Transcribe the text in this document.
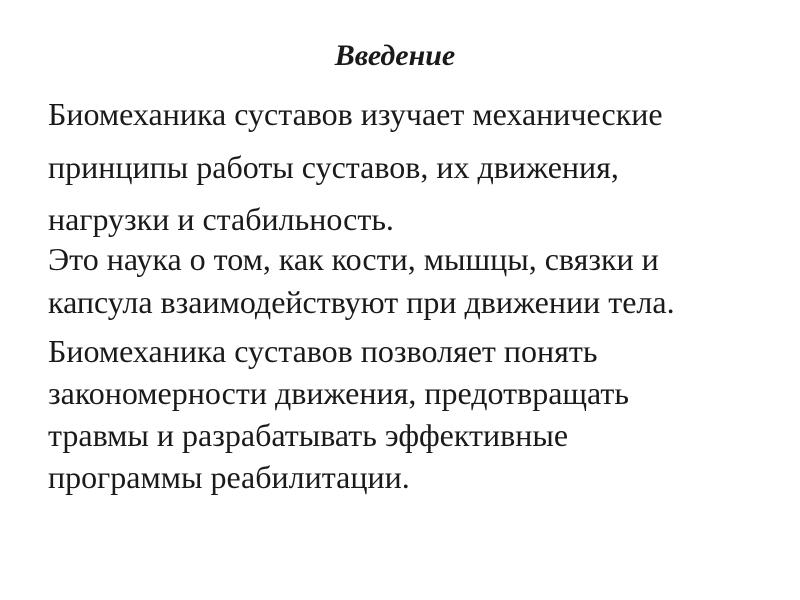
Введение

Биомеханика суставов изучает механические
принципы работы суставов, их движения,
нагрузки и стабильность.

Это наука о том, как кости, мышцы, связки и
капсула взаимодействуют при движении тела.

Биомеханика суставов позволяет понять
закономерности движения, предотвращать
травмы и разрабатывать эффективные
программы реабилитации.
